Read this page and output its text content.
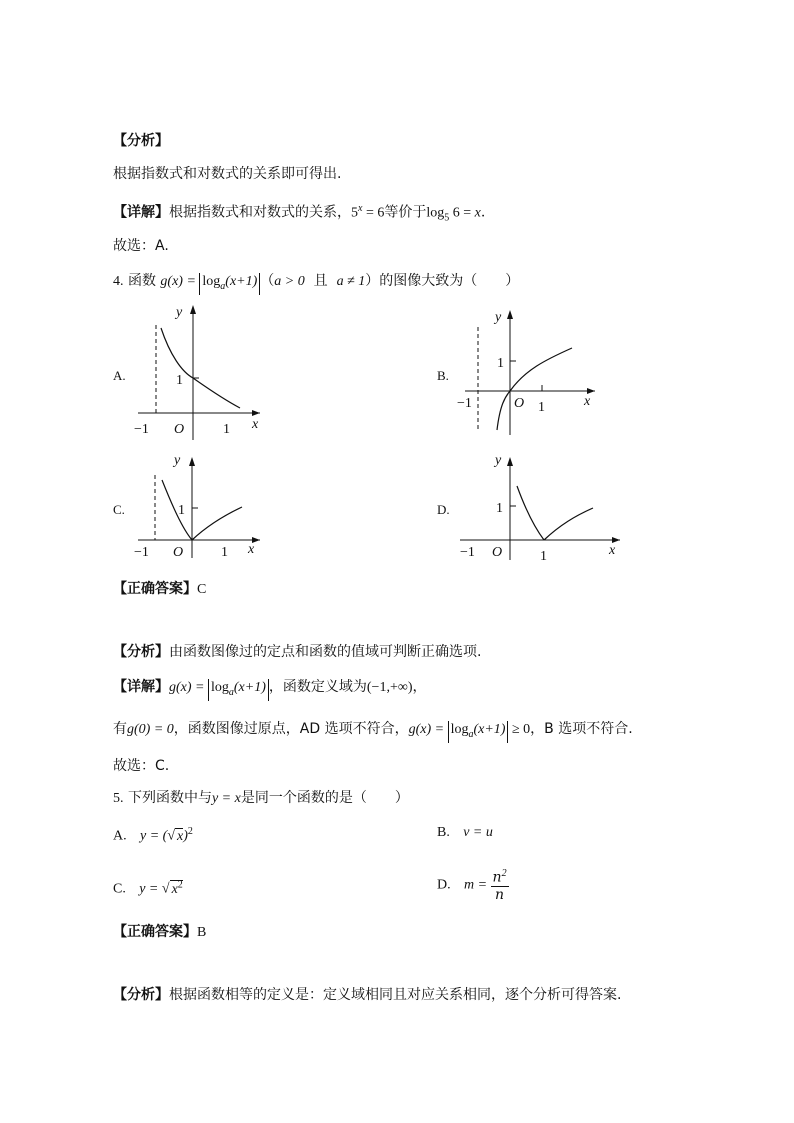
【分析】
根据指数式和对数式的关系即可得出.
【详解】根据指数式和对数式的关系，$5^x = 6$等价于$\log_5 6 = x$.
故选：A.
4. 函数 $g(x) = \log_a(x+1) (a > 0$ 且 a ≠ 1）的图像大致为（　　）
A.	B.
C.	D.
y
x
O
−1	1
1
y
x
O
−1	1
1
y
x
O
−1	1
1
y
x
O
−1	1
1
【正确答案】C
【分析】由函数图像过的定点和函数的值域可判断正确选项.
【详解】$g(x) = \log_a(x+1)$ ，函数定义域为(−1,+∞)，
有g(0) = 0，函数图像过原点，AD 选项不符合，$g(x) = \log_a(x+1) \ge 0$，B 选项不符合.
故选：C.
5. 下列函数中与y = x是同一个函数的是（　　）
A. y = (√ x)$^2$	B. v = u
C. y = √ $x^2$	D. $m = \frac{n^2}{n}$
【正确答案】B
【分析】根据函数相等的定义是：定义域相同且对应关系相同，逐个分析可得答案.
